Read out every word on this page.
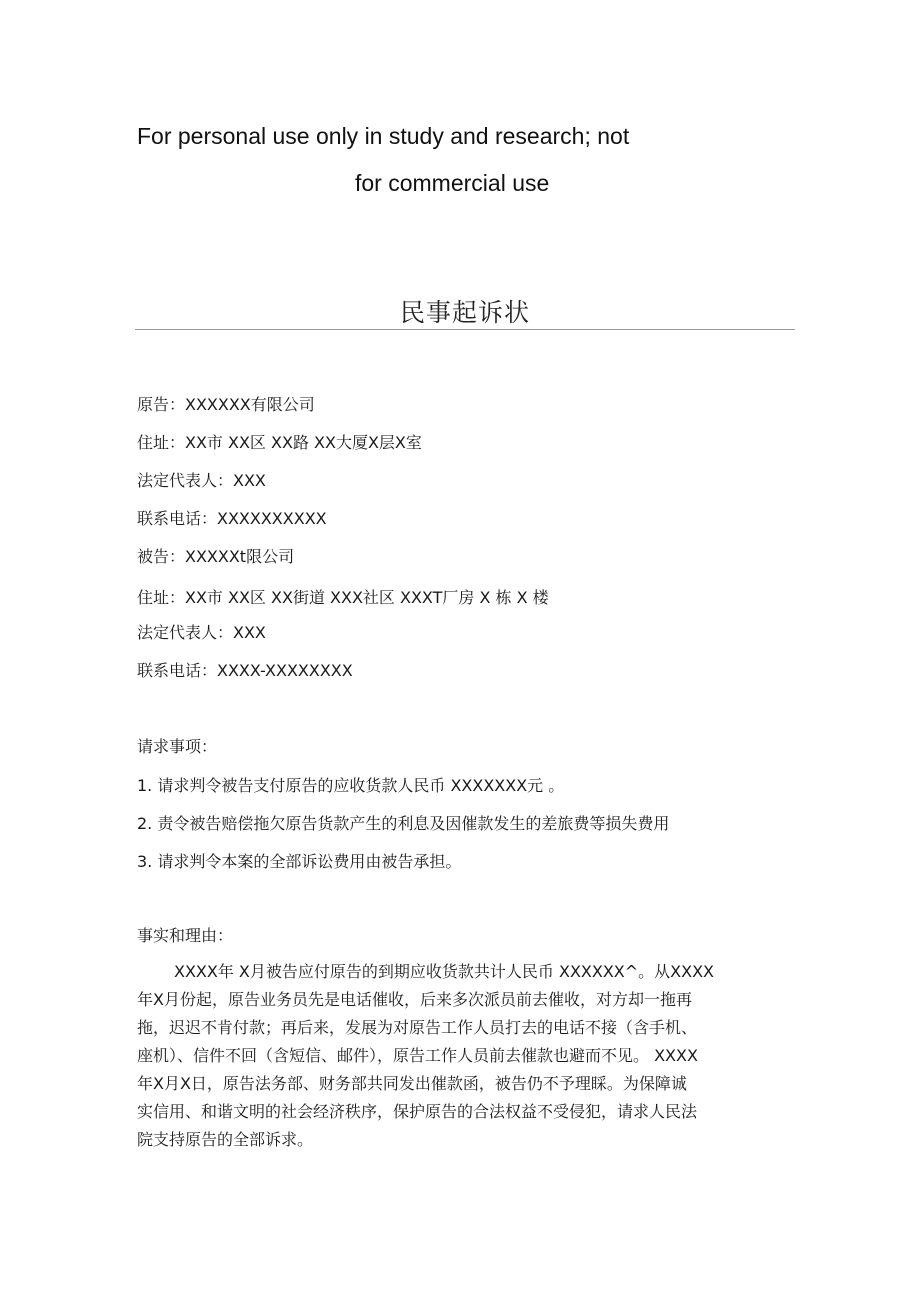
For personal use only in study and research; not
for commercial use
民事起诉状
原告：XXXXXX有限公司
住址：XX市 XX区 XX路 XX大厦X层X室
法定代表人：XXX
联系电话：XXXXXXXXXX
被告：XXXXXt限公司
住址：XX市 XX区 XX街道 XXX社区 XXXT厂房 X 栋 X 楼
法定代表人：XXX
联系电话：XXXX-XXXXXXXX
请求事项：
1. 请求判令被告支付原告的应收货款人民币 XXXXXXX元 。
2. 责令被告赔偿拖欠原告货款产生的利息及因催款发生的差旅费等损失费用
3. 请求判令本案的全部诉讼费用由被告承担。
事实和理由：
XXXX年 X月被告应付原告的到期应收货款共计人民币 XXXXXX^。从XXXX
年X月份起，原告业务员先是电话催收，后来多次派员前去催收，对方却一拖再
拖，迟迟不肯付款；再后来，发展为对原告工作人员打去的电话不接（含手机、
座机）、信件不回（含短信、邮件），原告工作人员前去催款也避而不见。 XXXX
年X月X日，原告法务部、财务部共同发出催款函，被告仍不予理睬。为保障诚
实信用、和谐文明的社会经济秩序，保护原告的合法权益不受侵犯，请求人民法
院支持原告的全部诉求。
